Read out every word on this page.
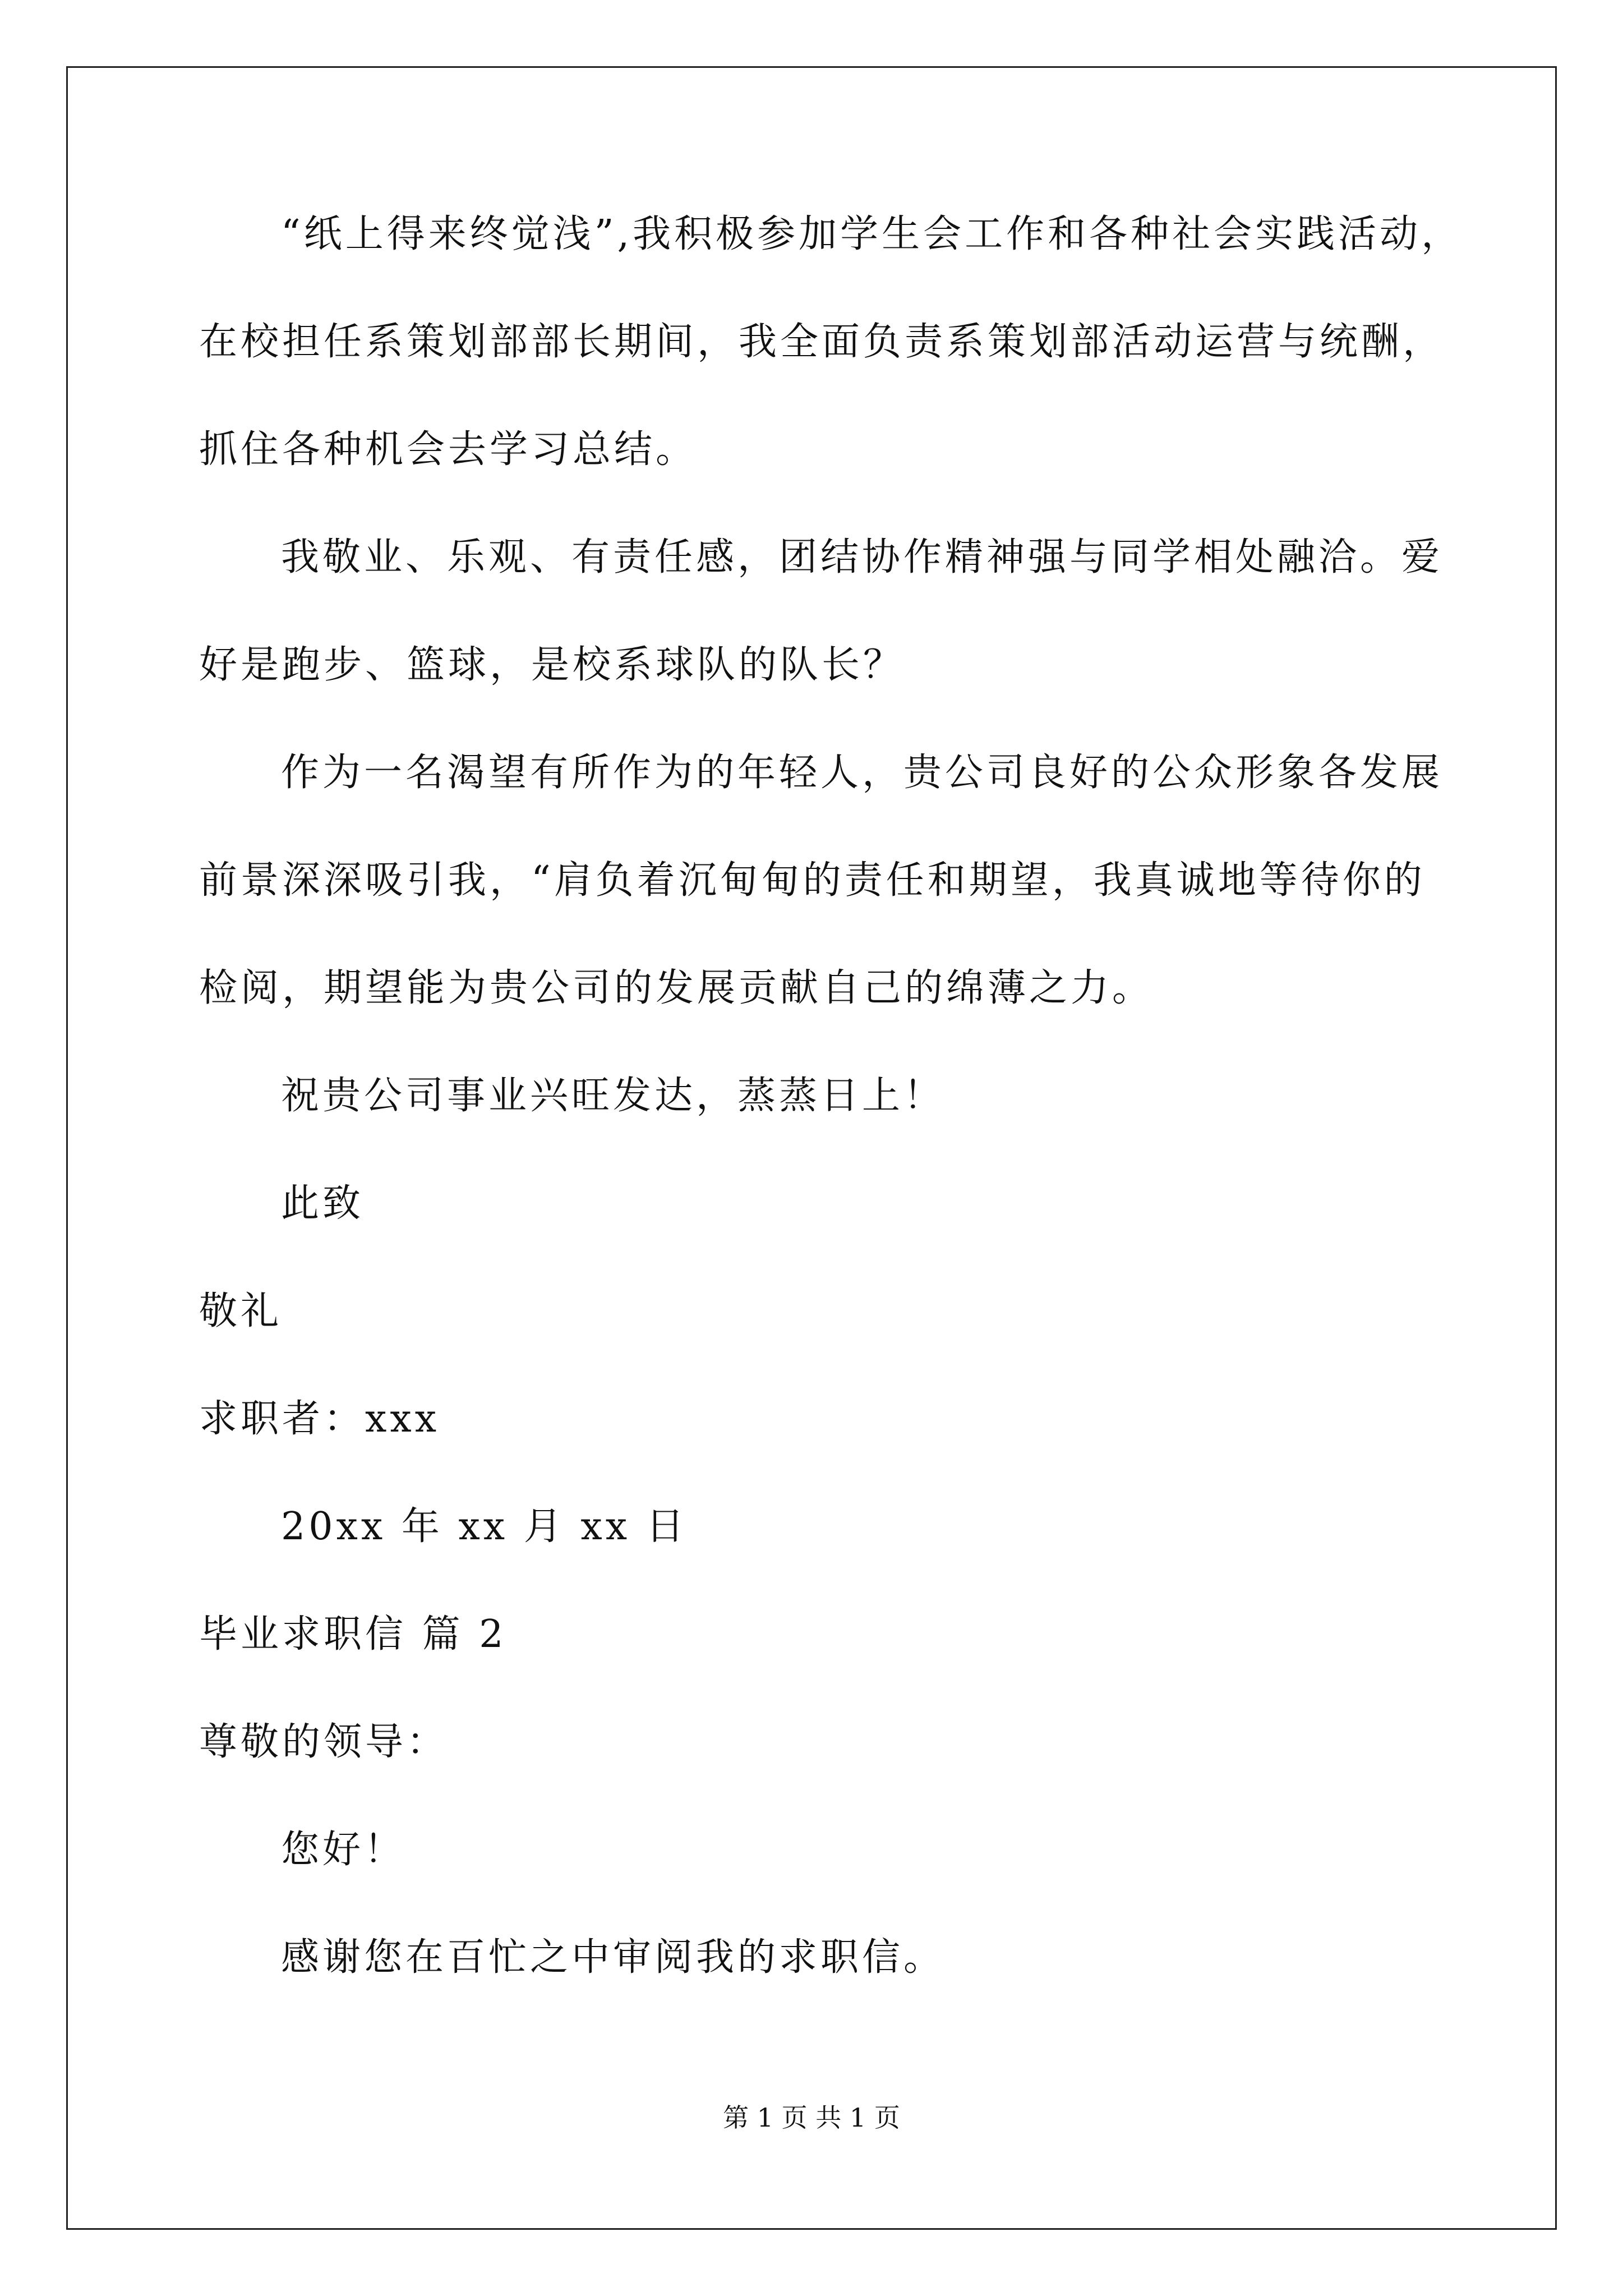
“纸上得来终觉浅”,我积极参加学生会工作和各种社会实践活动，
在校担任系策划部部长期间，我全面负责系策划部活动运营与统酬，
抓住各种机会去学习总结。
我敬业、乐观、有责任感，团结协作精神强与同学相处融洽。爱
好是跑步、篮球，是校系球队的队长？
作为一名渴望有所作为的年轻人，贵公司良好的公众形象各发展
前景深深吸引我，“肩负着沉甸甸的责任和期望，我真诚地等待你的
检阅，期望能为贵公司的发展贡献自己的绵薄之力。
祝贵公司事业兴旺发达，蒸蒸日上！
此致
敬礼
求职者：xxx
20xx 年 xx 月 xx 日
毕业求职信 篇 2
尊敬的领导：
您好！
感谢您在百忙之中审阅我的求职信。
第 1 页 共 1 页
